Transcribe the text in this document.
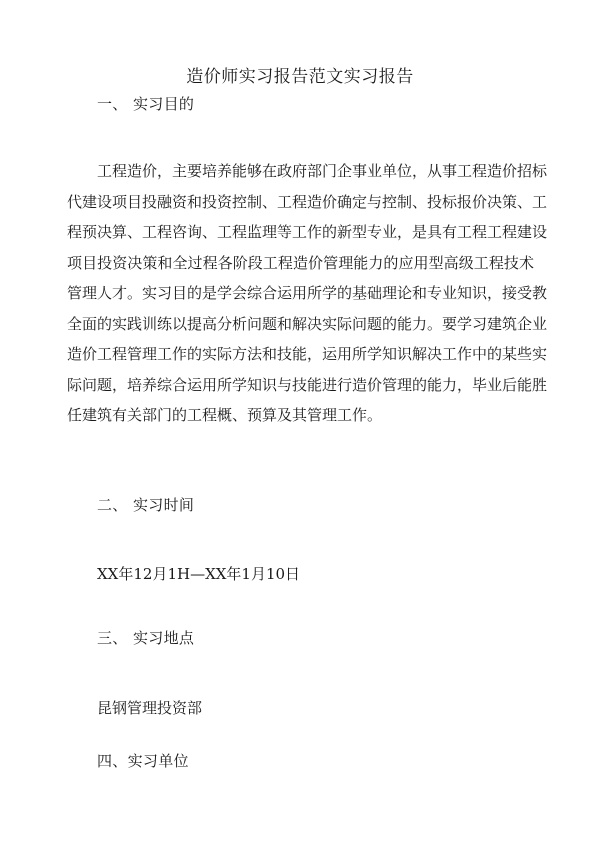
造价师实习报告范文实习报告
一、 实习目的
工程造价，主要培养能够在政府部门企事业单位，从事工程造价招标
代建设项目投融资和投资控制、工程造价确定与控制、投标报价决策、工
程预决算、工程咨询、工程监理等工作的新型专业，是具有工程工程建设
项目投资决策和全过程各阶段工程造价管理能力的应用型高级工程技术
管理人才。实习目的是学会综合运用所学的基础理论和专业知识，接受教
全面的实践训练以提高分析问题和解决实际问题的能力。要学习建筑企业
造价工程管理工作的实际方法和技能，运用所学知识解决工作中的某些实
际问题，培养综合运用所学知识与技能进行造价管理的能力，毕业后能胜
任建筑有关部门的工程概、预算及其管理工作。
二、 实习时间
XX年12月1H—XX年1月10日
三、 实习地点
昆钢管理投资部
四、实习单位
